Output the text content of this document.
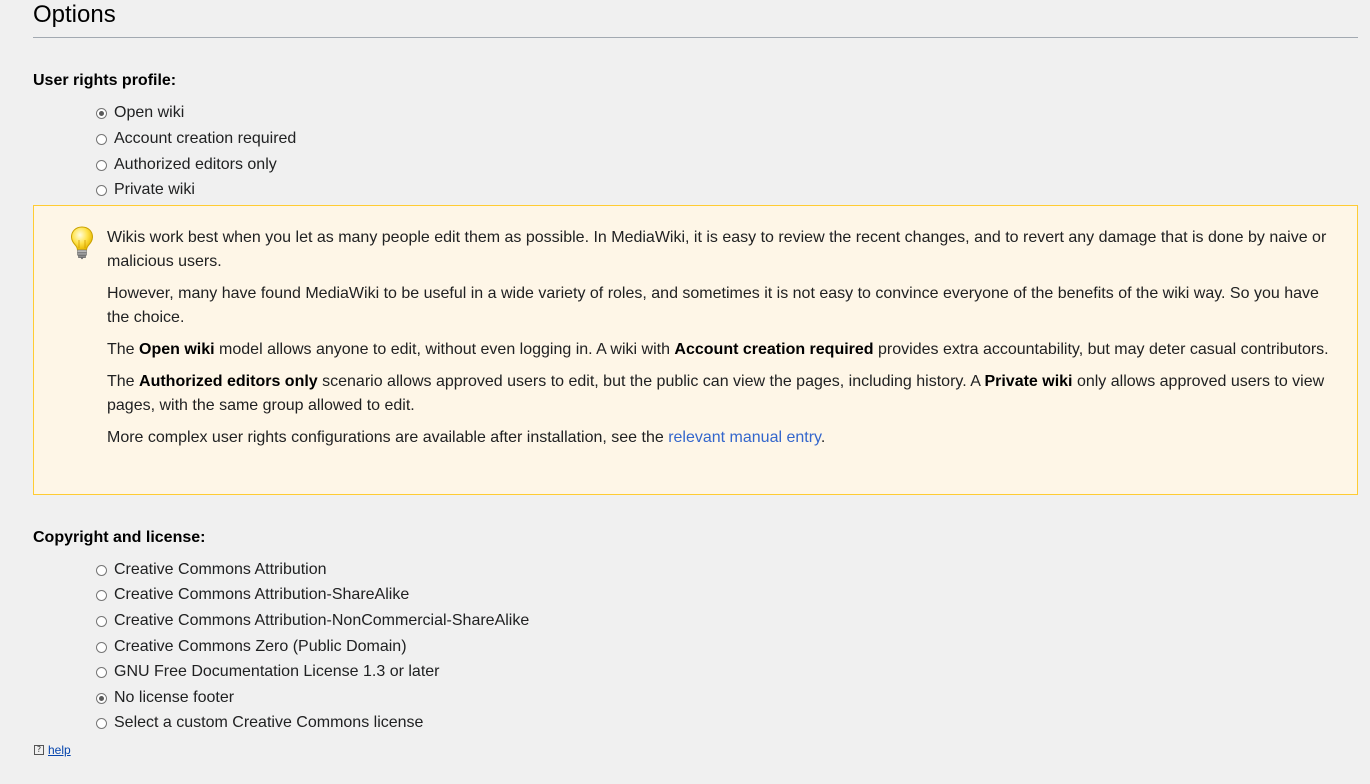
Options
User rights profile:
Open wiki
Account creation required
Authorized editors only
Private wiki

Wikis work best when you let as many people edit them as possible. In MediaWiki, it is easy to review the recent changes, and to revert any damage that is done by naive or malicious users.

However, many have found MediaWiki to be useful in a wide variety of roles, and sometimes it is not easy to convince everyone of the benefits of the wiki way. So you have the choice.

The Open wiki model allows anyone to edit, without even logging in. A wiki with Account creation required provides extra accountability, but may deter casual contributors.

The Authorized editors only scenario allows approved users to edit, but the public can view the pages, including history. A Private wiki only allows approved users to view pages, with the same group allowed to edit.

More complex user rights configurations are available after installation, see the relevant manual entry.

Copyright and license:
Creative Commons Attribution
Creative Commons Attribution-ShareAlike
Creative Commons Attribution-NonCommercial-ShareAlike
Creative Commons Zero (Public Domain)
GNU Free Documentation License 1.3 or later
No license footer
Select a custom Creative Commons license
? help
